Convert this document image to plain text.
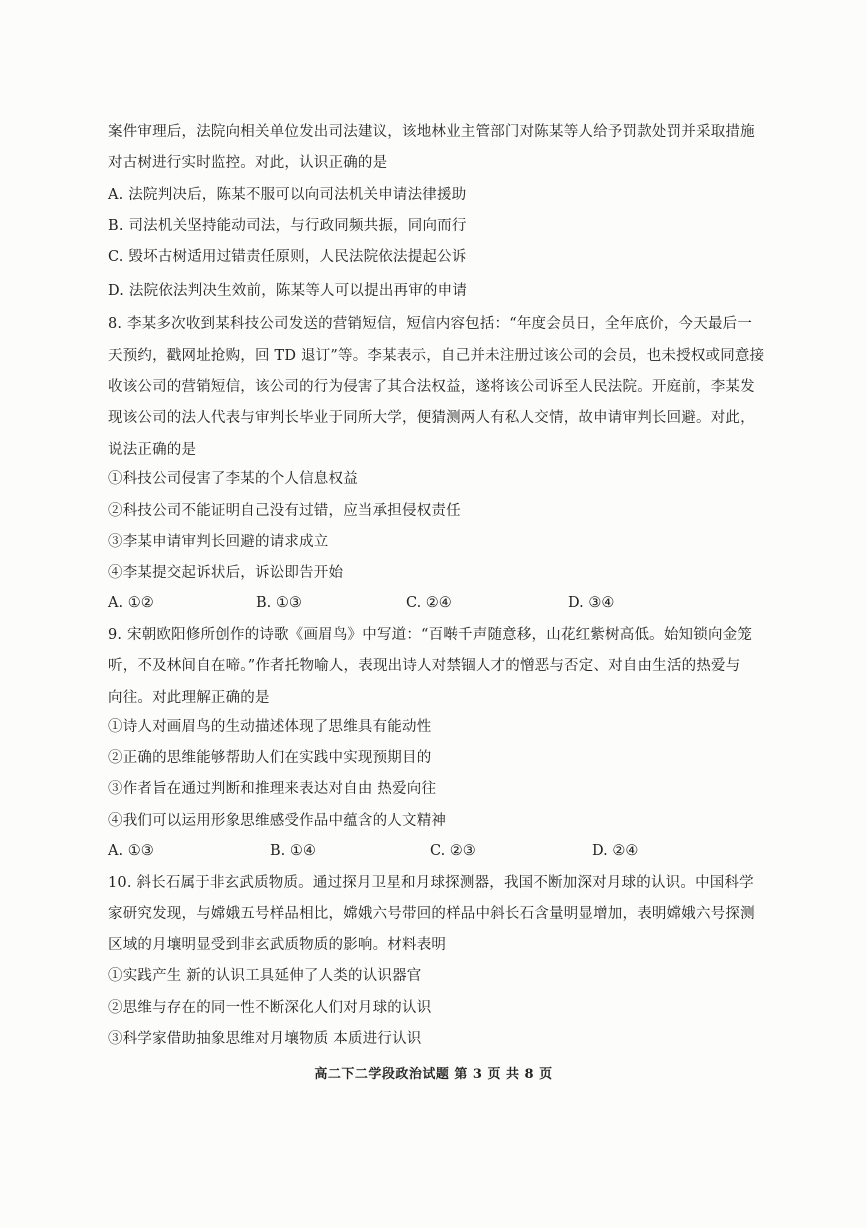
案件审理后，法院向相关单位发出司法建议，该地林业主管部门对陈某等人给予罚款处罚并采取措施
对古树进行实时监控。对此，认识正确的是
A. 法院判决后，陈某不服可以向司法机关申请法律援助
B. 司法机关坚持能动司法，与行政同频共振，同向而行
C. 毁坏古树适用过错责任原则，人民法院依法提起公诉
D. 法院依法判决生效前，陈某等人可以提出再审的申请
8. 李某多次收到某科技公司发送的营销短信，短信内容包括：“年度会员日，全年底价，今天最后一
天预约，戳网址抢购，回 TD 退订”等。李某表示，自己并未注册过该公司的会员，也未授权或同意接
收该公司的营销短信，该公司的行为侵害了其合法权益，遂将该公司诉至人民法院。开庭前，李某发
现该公司的法人代表与审判长毕业于同所大学，便猜测两人有私人交情，故申请审判长回避。对此，
说法正确的是
①科技公司侵害了李某的个人信息权益
②科技公司不能证明自己没有过错，应当承担侵权责任
③李某申请审判长回避的请求成立
④李某提交起诉状后，诉讼即告开始
A. ①②	B. ①③	C. ②④	D. ③④
9. 宋朝欧阳修所创作的诗歌《画眉鸟》中写道：“百啭千声随意移，山花红紫树高低。始知锁向金笼
听，不及林间自在啼。”作者托物喻人，表现出诗人对禁锢人才的憎恶与否定、对自由生活的热爱与
向往。对此理解正确的是
①诗人对画眉鸟的生动描述体现了思维具有能动性
②正确的思维能够帮助人们在实践中实现预期目的
③作者旨在通过判断和推理来表达对自由 热爱向往
④我们可以运用形象思维感受作品中蕴含的人文精神
A. ①③	B. ①④	C. ②③	D. ②④
10. 斜长石属于非玄武质物质。通过探月卫星和月球探测器，我国不断加深对月球的认识。中国科学
家研究发现，与嫦娥五号样品相比，嫦娥六号带回的样品中斜长石含量明显增加，表明嫦娥六号探测
区域的月壤明显受到非玄武质物质的影响。材料表明
①实践产生 新的认识工具延伸了人类的认识器官
②思维与存在的同一性不断深化人们对月球的认识
③科学家借助抽象思维对月壤物质 本质进行认识
高二下二学段政治试题 第 3 页 共 8 页
